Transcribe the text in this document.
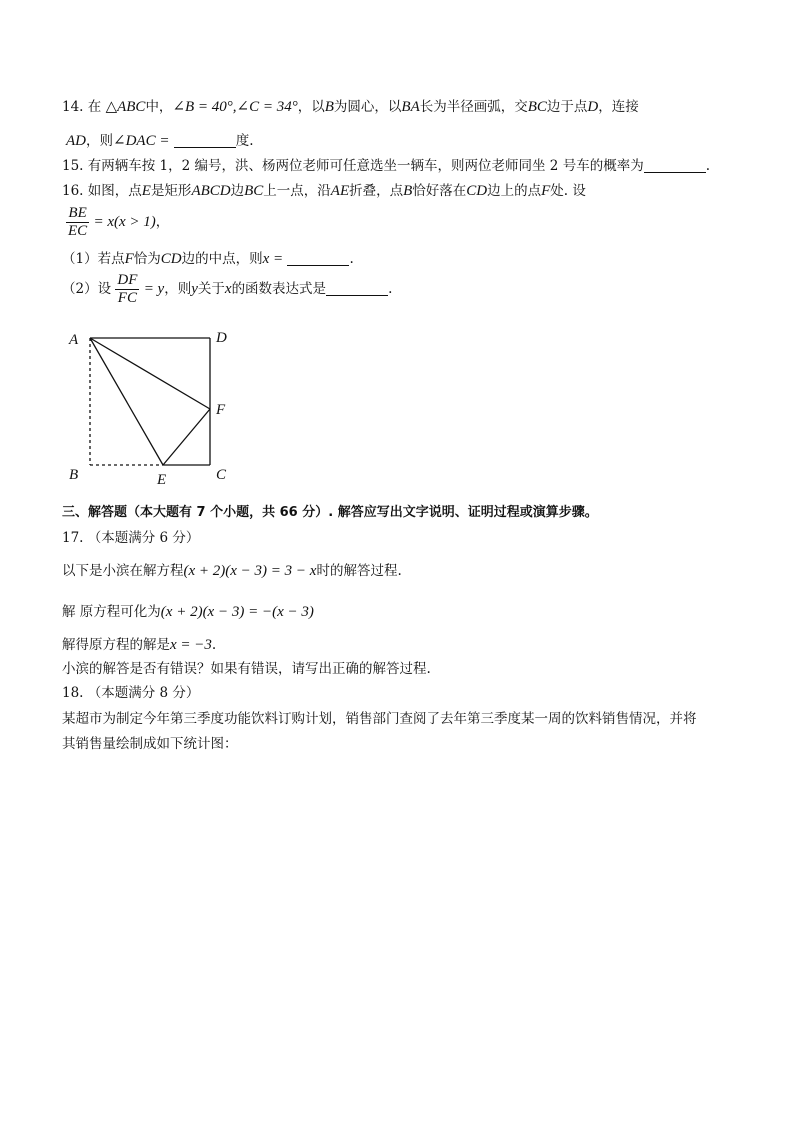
14. 在 △ABC中，∠B = 40°,∠C = 34°，以B为圆心，以BA长为半径画弧，交BC边于点D，连接
AD，则∠DAC =	度.
15. 有两辆车按 1，2 编号，洪、杨两位老师可任意选坐一辆车，则两位老师同坐 2 号车的概率为	.
16. 如图，点E是矩形ABCD边BC上一点，沿AE折叠，点B恰好落在CD边上的点F处. 设
$\frac{BE}{EC} = x(x > 1)$，
（1）若点F恰为CD边的中点，则x =	.
（2）设 $\frac{DF}{FC} = y$，则y关于x的函数表达式是	.
A	D
F
B	E	C
三、解答题（本大题有 7 个小题，共 66 分）. 解答应写出文字说明、证明过程或演算步骤。
17. （本题满分 6 分）
以下是小滨在解方程(x + 2)(x − 3) = 3 − x时的解答过程.
解 原方程可化为(x + 2)(x − 3) = −(x − 3)
解得原方程的解是x = −3.
小滨的解答是否有错误？如果有错误，请写出正确的解答过程.
18. （本题满分 8 分）
某超市为制定今年第三季度功能饮料订购计划，销售部门查阅了去年第三季度某一周的饮料销售情况，并将
其销售量绘制成如下统计图：
